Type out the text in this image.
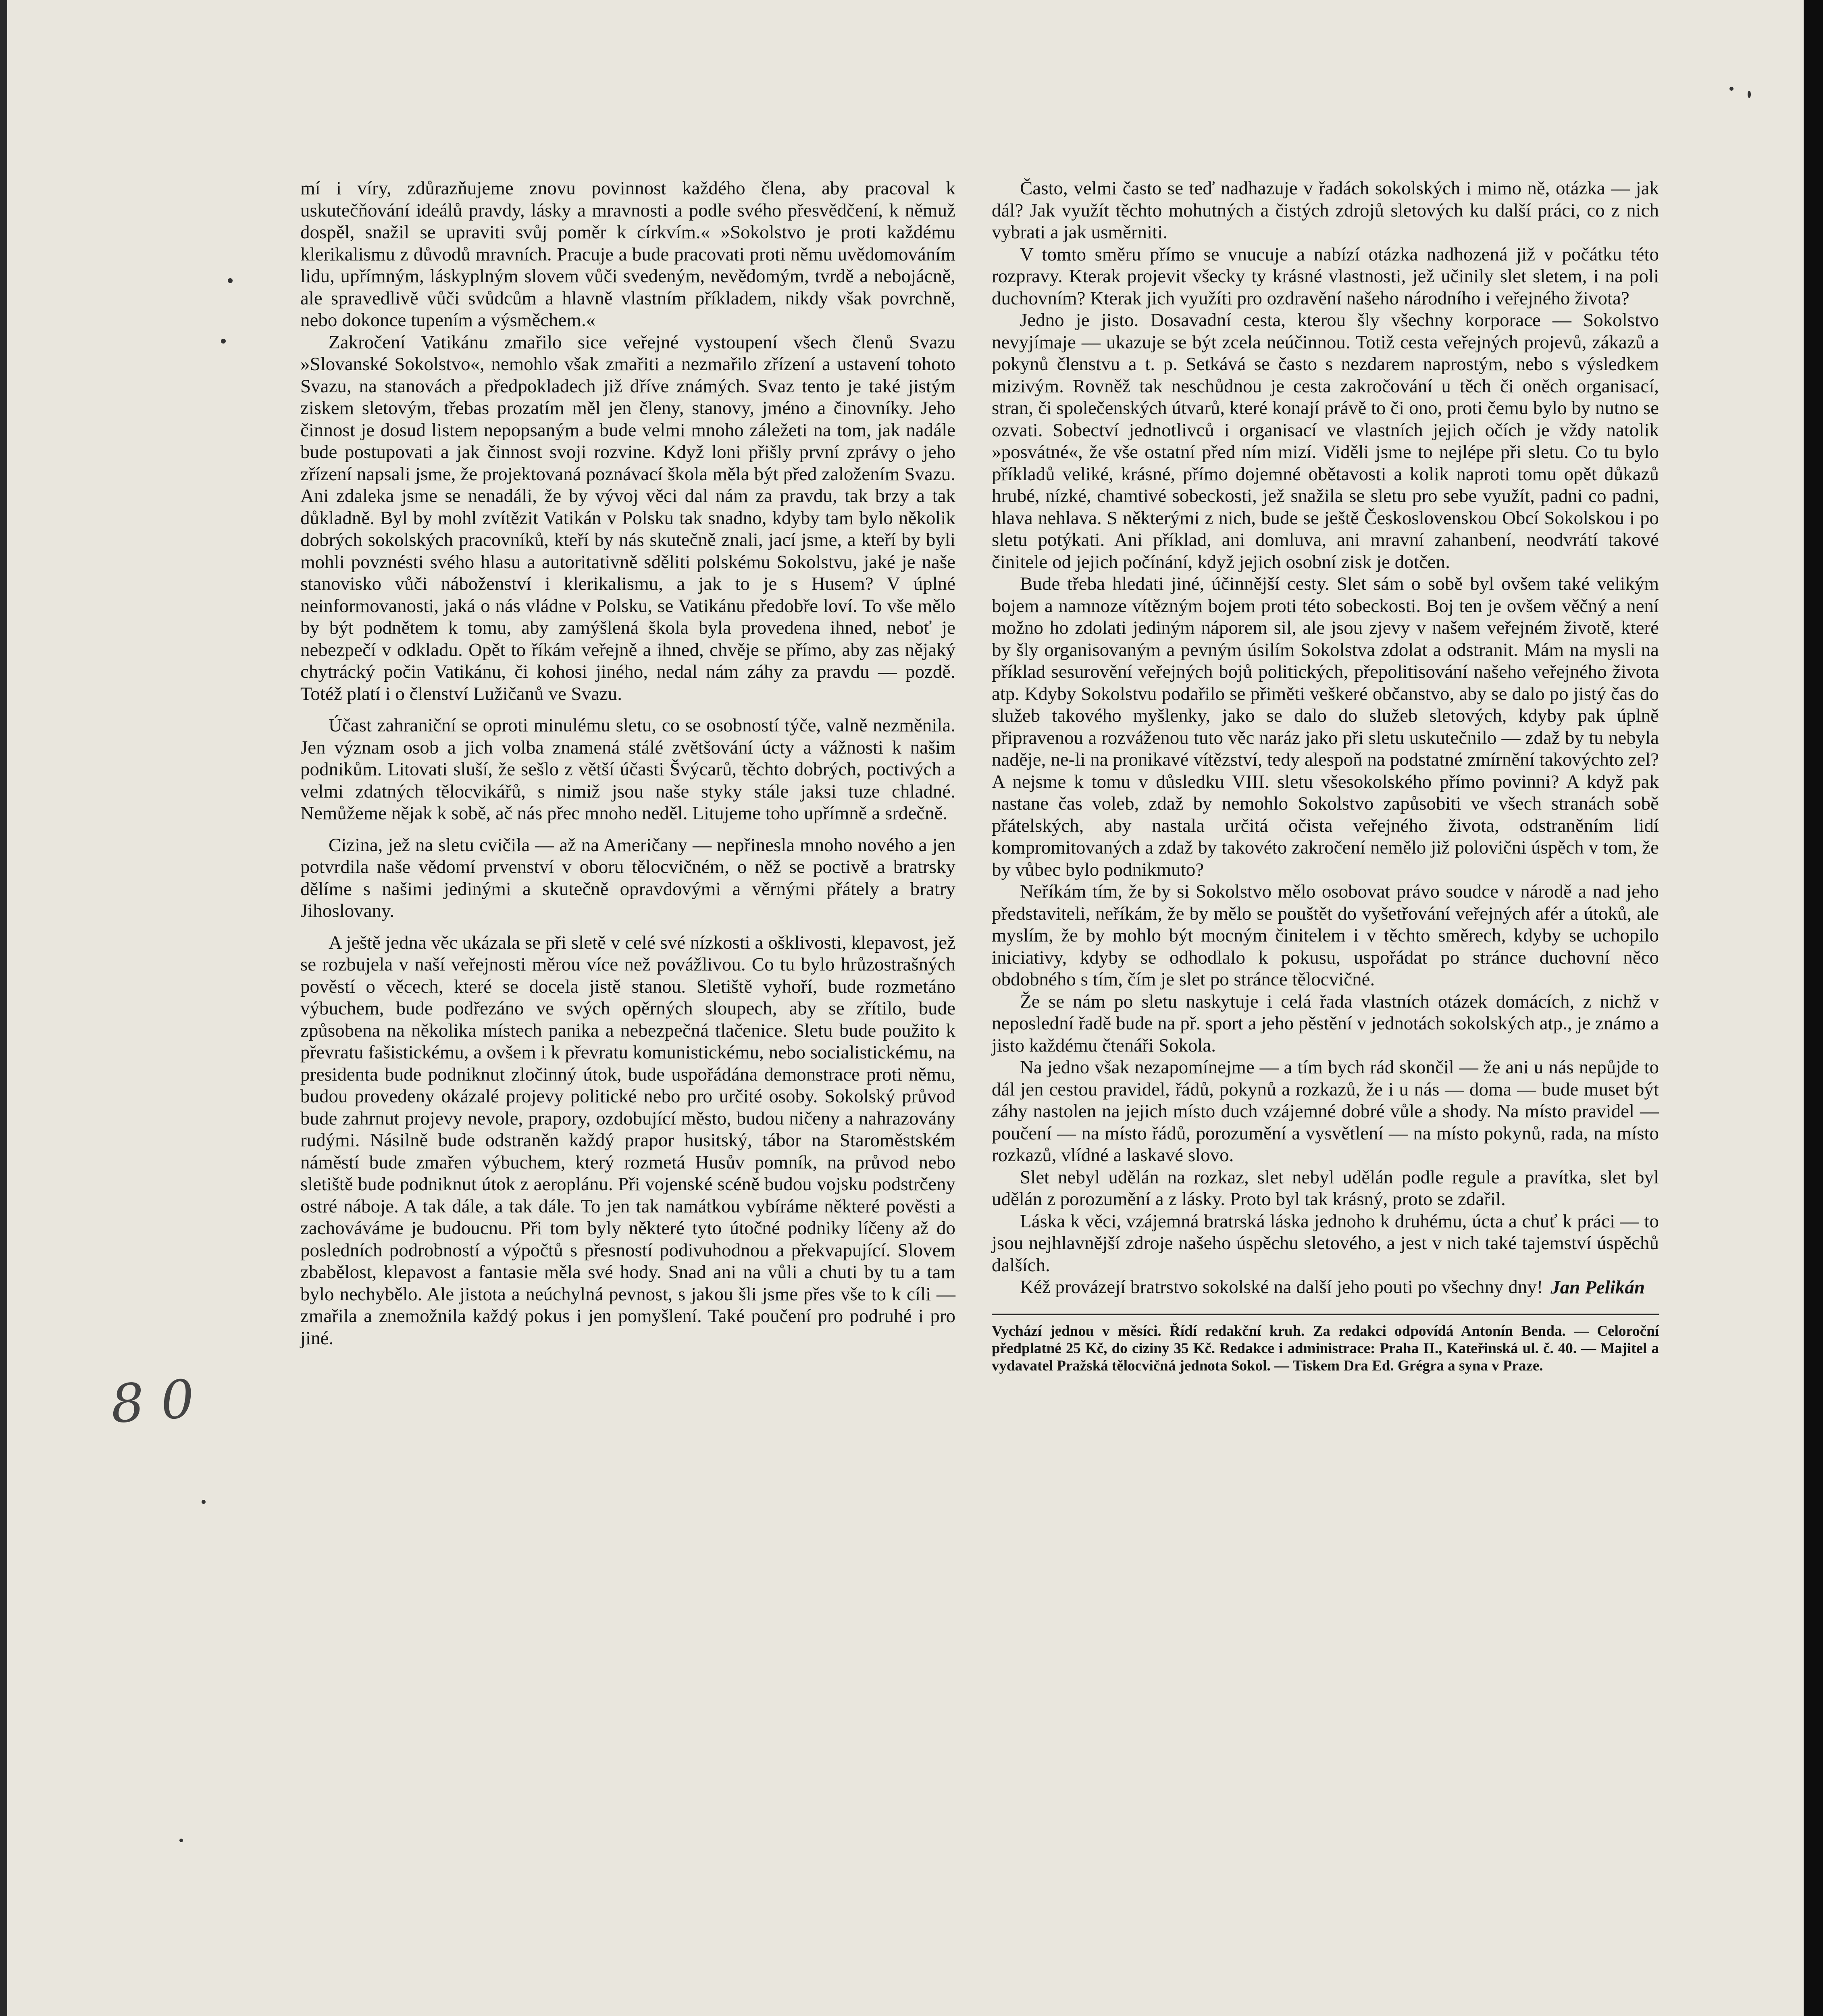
8 0

mí i víry, zdůrazňujeme znovu povinnost každého člena, aby pracoval k uskutečňování ideálů pravdy, lásky a mravnosti a podle svého přesvědčení, k němuž dospěl, snažil se upraviti svůj poměr k církvím.« »Sokolstvo je proti každému klerikalismu z důvodů mravních. Pracuje a bude pracovati proti němu uvědomováním lidu, upřímným, láskyplným slovem vůči svedeným, nevědomým, tvrdě a nebojácně, ale spravedlivě vůči svůdcům a hlavně vlastním příkladem, nikdy však povrchně, nebo dokonce tupením a výsměchem.«

Zakročení Vatikánu zmařilo sice veřejné vystoupení všech členů Svazu »Slovanské Sokolstvo«, nemohlo však zmařiti a nezmařilo zřízení a ustavení tohoto Svazu, na stanovách a předpokladech již dříve známých. Svaz tento je také jistým ziskem sletovým, třebas prozatím měl jen členy, stanovy, jméno a činovníky. Jeho činnost je dosud listem nepopsaným a bude velmi mnoho záležeti na tom, jak nadále bude postupovati a jak činnost svoji rozvine. Když loni přišly první zprávy o jeho zřízení napsali jsme, že projektovaná poznávací škola měla být před založením Svazu. Ani zdaleka jsme se nenadáli, že by vývoj věci dal nám za pravdu, tak brzy a tak důkladně. Byl by mohl zvítězit Vatikán v Polsku tak snadno, kdyby tam bylo několik dobrých sokolských pracovníků, kteří by nás skutečně znali, jací jsme, a kteří by byli mohli povznésti svého hlasu a autoritativně sděliti polskému Sokolstvu, jaké je naše stanovisko vůči náboženství i klerikalismu, a jak to je s Husem? V úplné neinformovanosti, jaká o nás vládne v Polsku, se Vatikánu předobře loví. To vše mělo by být podnětem k tomu, aby zamýšlená škola byla provedena ihned, neboť je nebezpečí v odkladu. Opět to říkám veřejně a ihned, chvěje se přímo, aby zas nějaký chytrácký počin Vatikánu, či kohosi jiného, nedal nám záhy za pravdu — pozdě. Totéž platí i o členství Lužičanů ve Svazu.

Účast zahraniční se oproti minulému sletu, co se osobností týče, valně nezměnila. Jen význam osob a jich volba znamená stálé zvětšování úcty a vážnosti k našim podnikům. Litovati sluší, že sešlo z větší účasti Švýcarů, těchto dobrých, poctivých a velmi zdatných tělocvikářů, s nimiž jsou naše styky stále jaksi tuze chladné. Nemůžeme nějak k sobě, ač nás přec mnoho neděl. Litujeme toho upřímně a srdečně.

Cizina, jež na sletu cvičila — až na Američany — nepřinesla mnoho nového a jen potvrdila naše vědomí prvenství v oboru tělocvičném, o něž se poctivě a bratrsky dělíme s našimi jedinými a skutečně opravdovými a věrnými přátely a bratry Jihoslovany.

A ještě jedna věc ukázala se při sletě v celé své nízkosti a ošklivosti, klepavost, jež se rozbujela v naší veřejnosti měrou více než povážlivou. Co tu bylo hrůzostrašných pověstí o věcech, které se docela jistě stanou. Sletiště vyhoří, bude rozmetáno výbuchem, bude podřezáno ve svých opěrných sloupech, aby se zřítilo, bude způsobena na několika místech panika a nebezpečná tlačenice. Sletu bude použito k převratu fašistickému, a ovšem i k převratu komunistickému, nebo socialistickému, na presidenta bude podniknut zločinný útok, bude uspořádána demonstrace proti němu, budou provedeny okázalé projevy politické nebo pro určité osoby. Sokolský průvod bude zahrnut projevy nevole, prapory, ozdobující město, budou ničeny a nahrazovány rudými. Násilně bude odstraněn každý prapor husitský, tábor na Staroměstském náměstí bude zmařen výbuchem, který rozmetá Husův pomník, na průvod nebo sletiště bude podniknut útok z aeroplánu. Při vojenské scéně budou vojsku podstrčeny ostré náboje. A tak dále, a tak dále. To jen tak namátkou vybíráme některé pověsti a zachováváme je budoucnu. Při tom byly některé tyto útočné podniky líčeny až do posledních podrobností a výpočtů s přesností podivuhodnou a překvapující. Slovem zbabělost, klepavost a fantasie měla své hody. Snad ani na vůli a chuti by tu a tam bylo nechybělo. Ale jistota a neúchylná pevnost, s jakou šli jsme přes vše to k cíli — zmařila a znemožnila každý pokus i jen pomyšlení. Také poučení pro podruhé i pro jiné.

Často, velmi často se teď nadhazuje v řadách sokolských i mimo ně, otázka — jak dál? Jak využít těchto mohutných a čistých zdrojů sletových ku další práci, co z nich vybrati a jak usměrniti.

V tomto směru přímo se vnucuje a nabízí otázka nadhozená již v počátku této rozpravy. Kterak projevit všecky ty krásné vlastnosti, jež učinily slet sletem, i na poli duchovním? Kterak jich využíti pro ozdravění našeho národního i veřejného života?

Jedno je jisto. Dosavadní cesta, kterou šly všechny korporace — Sokolstvo nevyjímaje — ukazuje se být zcela neúčinnou. Totiž cesta veřejných projevů, zákazů a pokynů členstvu a t. p. Setkává se často s nezdarem naprostým, nebo s výsledkem mizivým. Rovněž tak neschůdnou je cesta zakročování u těch či oněch organisací, stran, či společenských útvarů, které konají právě to či ono, proti čemu bylo by nutno se ozvati. Sobectví jednotlivců i organisací ve vlastních jejich očích je vždy natolik »posvátné«, že vše ostatní před ním mizí. Viděli jsme to nejlépe při sletu. Co tu bylo příkladů veliké, krásné, přímo dojemné obětavosti a kolik naproti tomu opět důkazů hrubé, nízké, chamtivé sobeckosti, jež snažila se sletu pro sebe využít, padni co padni, hlava nehlava. S některými z nich, bude se ještě Československou Obcí Sokolskou i po sletu potýkati. Ani příklad, ani domluva, ani mravní zahanbení, neodvrátí takové činitele od jejich počínání, když jejich osobní zisk je dotčen.

Bude třeba hledati jiné, účinnější cesty. Slet sám o sobě byl ovšem také velikým bojem a namnoze vítězným bojem proti této sobeckosti. Boj ten je ovšem věčný a není možno ho zdolati jediným náporem sil, ale jsou zjevy v našem veřejném životě, které by šly organisovaným a pevným úsilím Sokolstva zdolat a odstranit. Mám na mysli na příklad sesurovění veřejných bojů politických, přepolitisování našeho veřejného života atp. Kdyby Sokolstvu podařilo se přiměti veškeré občanstvo, aby se dalo po jistý čas do služeb takového myšlenky, jako se dalo do služeb sletových, kdyby pak úplně připravenou a rozváženou tuto věc naráz jako při sletu uskutečnilo — zdaž by tu nebyla naděje, ne-li na pronikavé vítězství, tedy alespoň na podstatné zmírnění takovýchto zel? A nejsme k tomu v důsledku VIII. sletu všesokolského přímo povinni? A když pak nastane čas voleb, zdaž by nemohlo Sokolstvo zapůsobiti ve všech stranách sobě přátelských, aby nastala určitá očista veřejného života, odstraněním lidí kompromitovaných a zdaž by takovéto zakročení nemělo již polovični úspěch v tom, že by vůbec bylo podnikmuto?

Neříkám tím, že by si Sokolstvo mělo osobovat právo soudce v národě a nad jeho představiteli, neříkám, že by mělo se pouštět do vyšetřování veřejných afér a útoků, ale myslím, že by mohlo být mocným činitelem i v těchto směrech, kdyby se uchopilo iniciativy, kdyby se odhodlalo k pokusu, uspořádat po stránce duchovní něco obdobného s tím, čím je slet po stránce tělocvičné.

Že se nám po sletu naskytuje i celá řada vlastních otázek domácích, z nichž v neposlední řadě bude na př. sport a jeho pěstění v jednotách sokolských atp., je známo a jisto každému čtenáři Sokola.

Na jedno však nezapomínejme — a tím bych rád skončil — že ani u nás nepůjde to dál jen cestou pravidel, řádů, pokynů a rozkazů, že i u nás — doma — bude muset být záhy nastolen na jejich místo duch vzájemné dobré vůle a shody. Na místo pravidel — poučení — na místo řádů, porozumění a vysvětlení — na místo pokynů, rada, na místo rozkazů, vlídné a laskavé slovo.

Slet nebyl udělán na rozkaz, slet nebyl udělán podle regule a pravítka, slet byl udělán z porozumění a z lásky. Proto byl tak krásný, proto se zdařil.

Láska k věci, vzájemná bratrská láska jednoho k druhému, úcta a chuť k práci — to jsou nejhlavnější zdroje našeho úspěchu sletového, a jest v nich také tajemství úspěchů dalších.

Kéž provázejí bratrstvo sokolské na další jeho pouti po všechny dny! Jan Pelikán
Vychází jednou v měsíci. Řídí redakční kruh. Za redakci odpovídá Antonín Benda. — Celoroční předplatné 25 Kč, do ciziny 35 Kč. Redakce i administrace: Praha II., Kateřinská ul. č. 40. — Majitel a vydavatel Pražská tělocvičná jednota Sokol. — Tiskem Dra Ed. Grégra a syna v Praze.
